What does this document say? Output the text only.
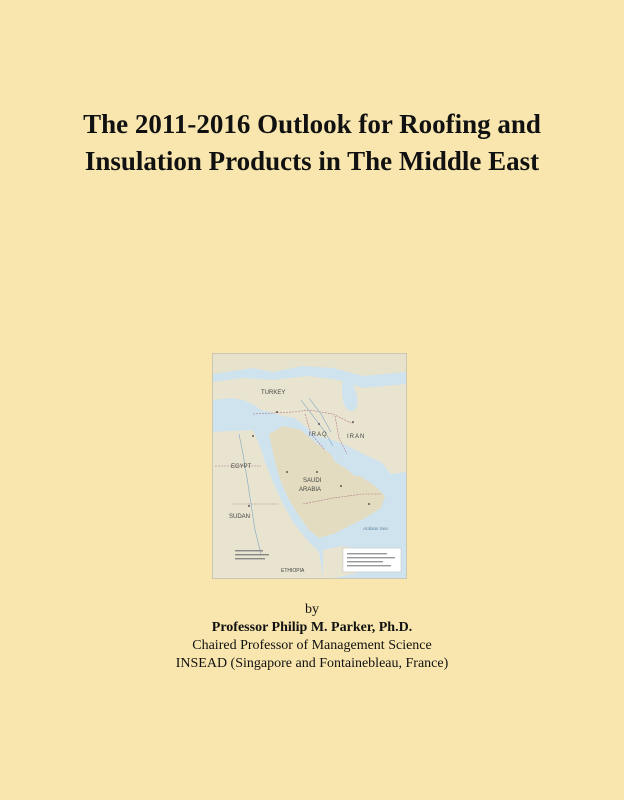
The 2011-2016 Outlook for Roofing and
Insulation Products in The Middle East
TURKEY
IRAQ	IRAN
EGYPT
SAUDI
ARABIA
SUDAN
ETHIOPIA
Arabian Sea
by
Professor Philip M. Parker, Ph.D.
Chaired Professor of Management Science
INSEAD (Singapore and Fontainebleau, France)
